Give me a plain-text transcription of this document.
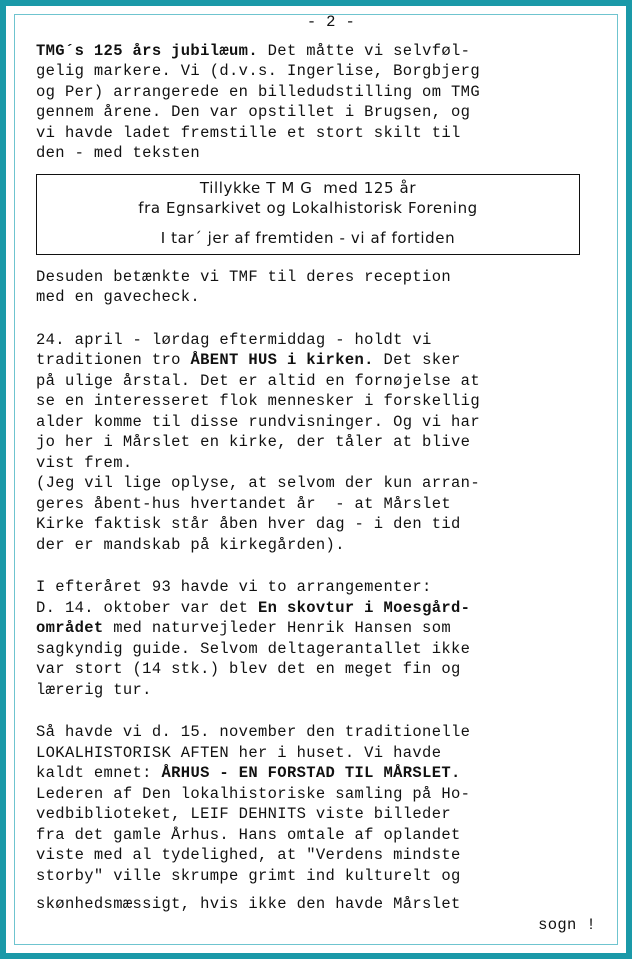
- 2 -
TMG´s 125 års jubilæum. Det måtte vi selvføl-
gelig markere. Vi (d.v.s. Ingerlise, Borgbjerg
og Per) arrangerede en billedudstilling om TMG
gennem årene. Den var opstillet i Brugsen, og
vi havde ladet fremstille et stort skilt til
den - med teksten
Tillykke T M G  med 125 år
fra Egnsarkivet og Lokalhistorisk Forening
I tar´ jer af fremtiden - vi af fortiden
Desuden betænkte vi TMF til deres reception
med en gavecheck.
24. april - lørdag eftermiddag - holdt vi
traditionen tro ÅBENT HUS i kirken. Det sker
på ulige årstal. Det er altid en fornøjelse at
se en interesseret flok mennesker i forskellig
alder komme til disse rundvisninger. Og vi har
jo her i Mårslet en kirke, der tåler at blive
vist frem.
(Jeg vil lige oplyse, at selvom der kun arran-
geres åbent-hus hvertandet år  - at Mårslet
Kirke faktisk står åben hver dag - i den tid
der er mandskab på kirkegården).
I efteråret 93 havde vi to arrangementer:
D. 14. oktober var det En skovtur i Moesgård-
området med naturvejleder Henrik Hansen som
sagkyndig guide. Selvom deltagerantallet ikke
var stort (14 stk.) blev det en meget fin og
lærerig tur.
Så havde vi d. 15. november den traditionelle
LOKALHISTORISK AFTEN her i huset. Vi havde
kaldt emnet: ÅRHUS - EN FORSTAD TIL MÅRSLET.
Lederen af Den lokalhistoriske samling på Ho-
vedbiblioteket, LEIF DEHNITS viste billeder
fra det gamle Århus. Hans omtale af oplandet
viste med al tydelighed, at "Verdens mindste
storby" ville skrumpe grimt ind kulturelt og
skønhedsmæssigt, hvis ikke den havde Mårslet
sogn !
